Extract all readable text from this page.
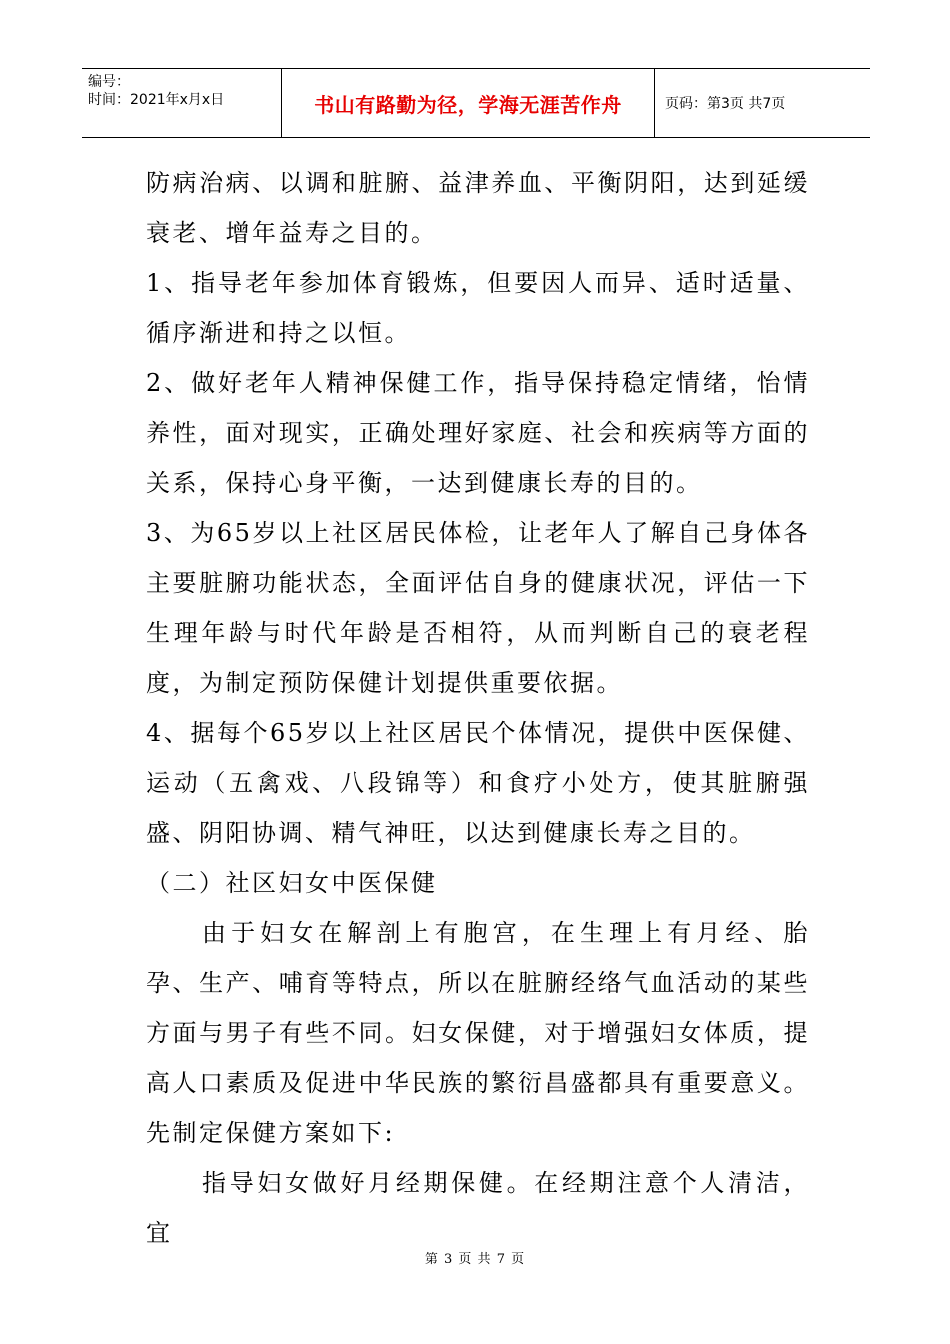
编号：
时间：2021年x月x日	书山有路勤为径，学海无涯苦作舟	页码：第3页 共7页

防病治病、以调和脏腑、益津养血、平衡阴阳，达到延缓衰老、增年益寿之目的。

1、指导老年参加体育锻炼，但要因人而异、适时适量、循序渐进和持之以恒。

2、做好老年人精神保健工作，指导保持稳定情绪，怡情养性，面对现实，正确处理好家庭、社会和疾病等方面的关系，保持心身平衡，一达到健康长寿的目的。

3、为65岁以上社区居民体检，让老年人了解自己身体各主要脏腑功能状态，全面评估自身的健康状况，评估一下生理年龄与时代年龄是否相符，从而判断自己的衰老程度，为制定预防保健计划提供重要依据。

4、据每个65岁以上社区居民个体情况，提供中医保健、运动（五禽戏、八段锦等）和食疗小处方，使其脏腑强盛、阴阳协调、精气神旺，以达到健康长寿之目的。

（二）社区妇女中医保健

由于妇女在解剖上有胞宫，在生理上有月经、胎孕、生产、哺育等特点，所以在脏腑经络气血活动的某些方面与男子有些不同。妇女保健，对于增强妇女体质，提高人口素质及促进中华民族的繁衍昌盛都具有重要意义。先制定保健方案如下:

指导妇女做好月经期保健。在经期注意个人清洁，宜

第 3 页 共 7 页
